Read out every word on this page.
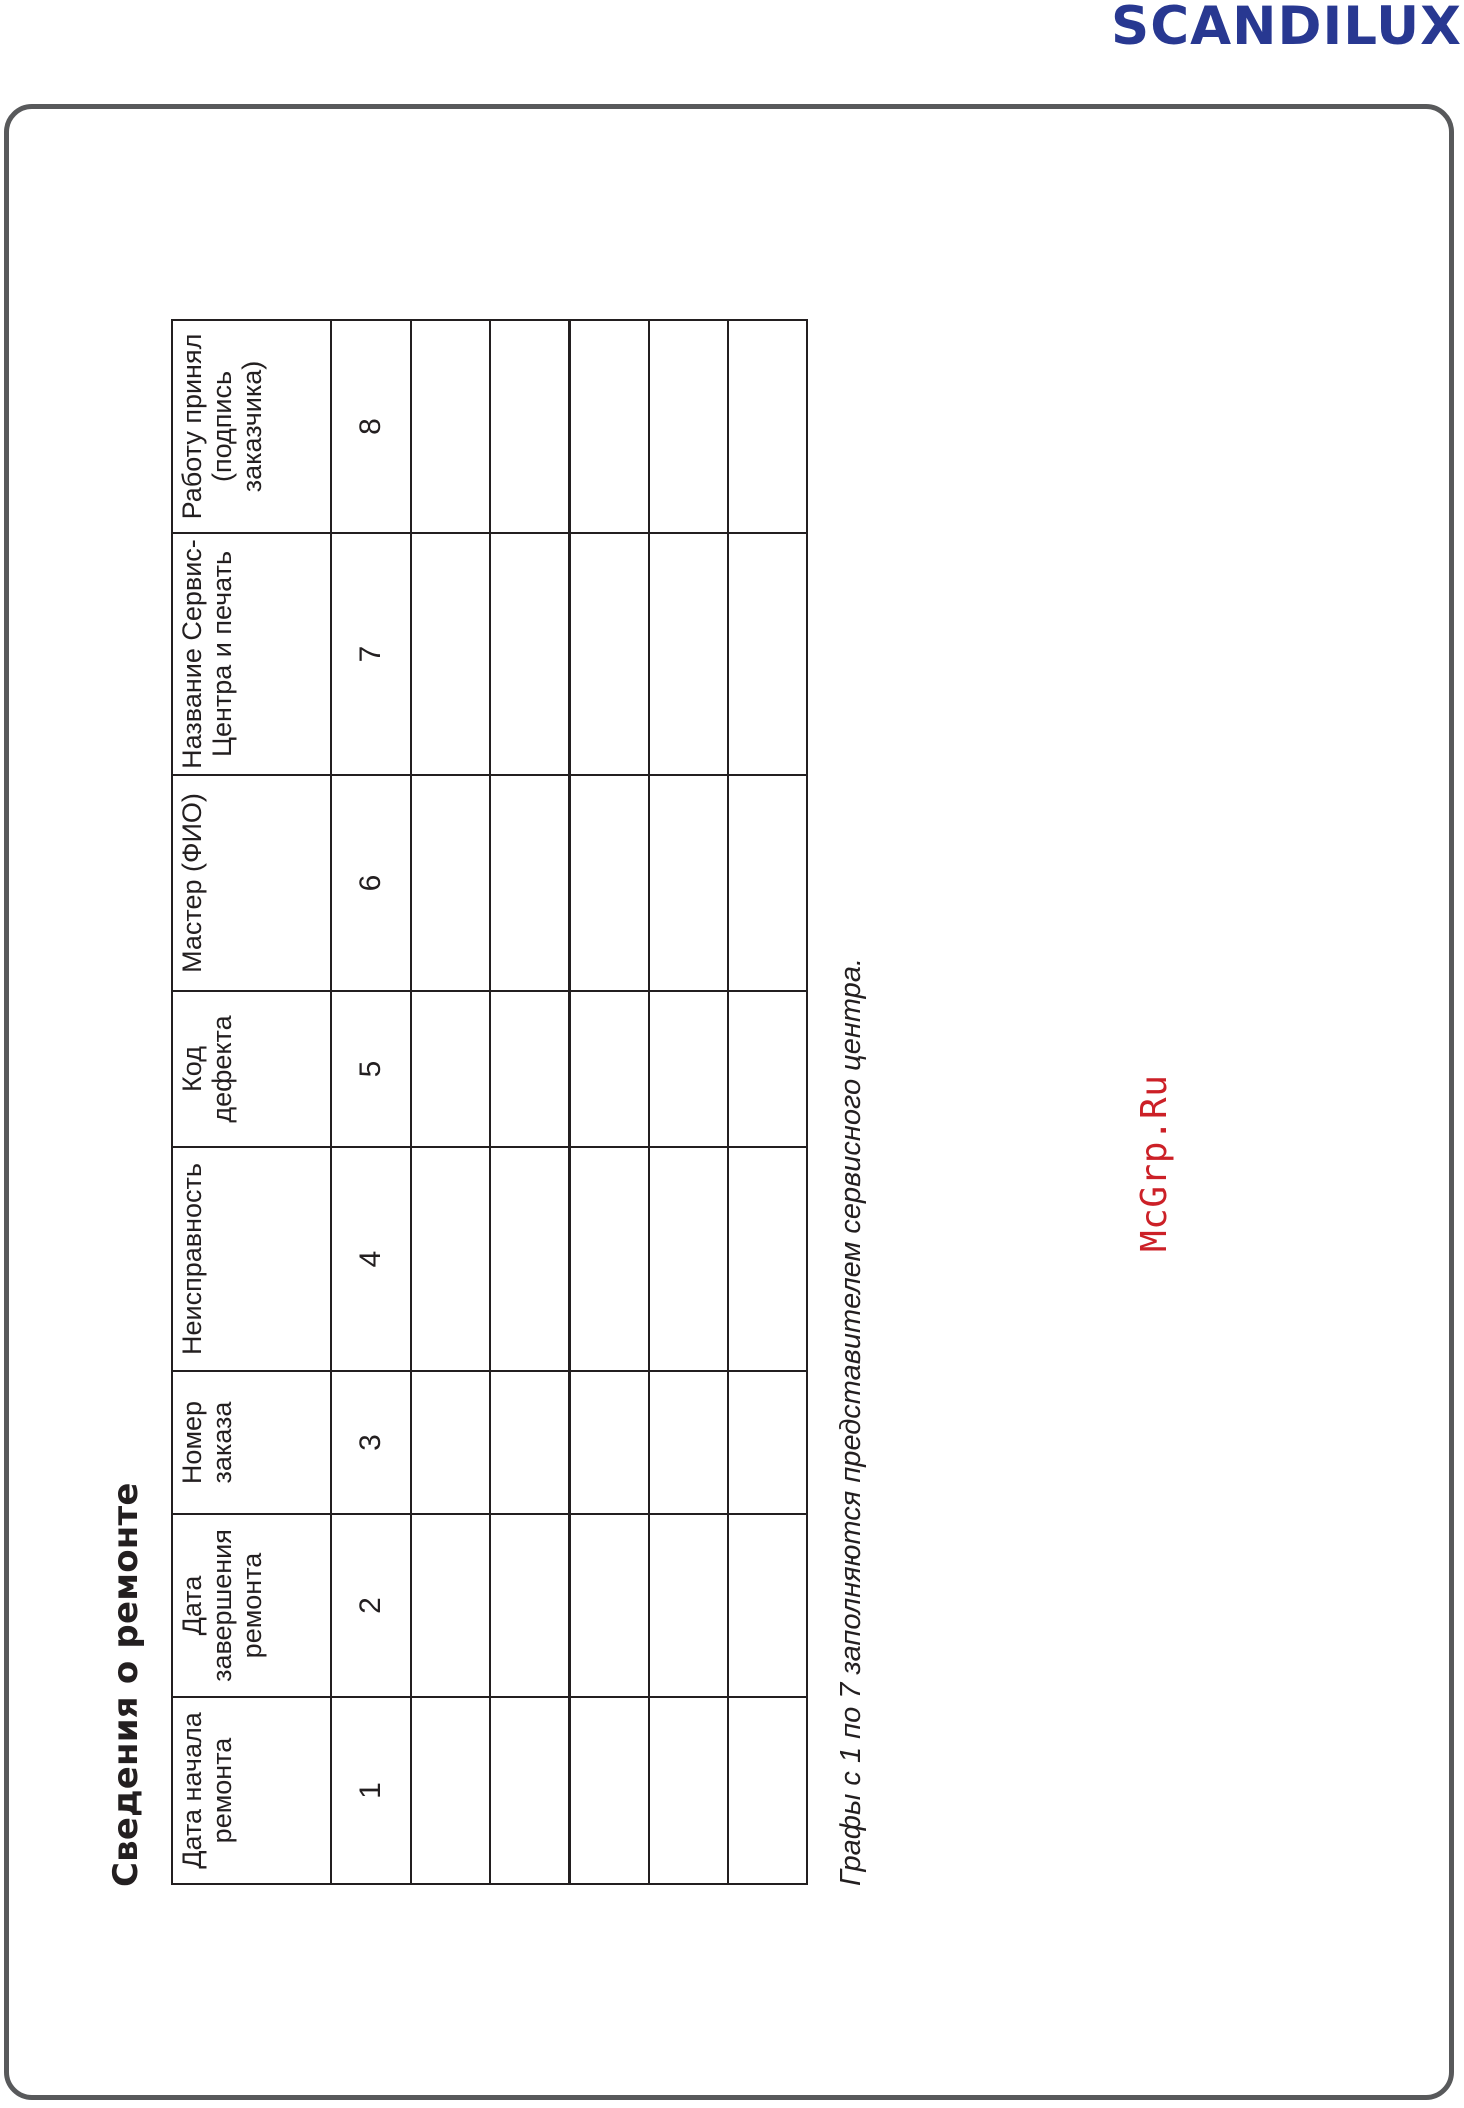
SCANDILUX
Сведения о ремонте Дата начала ремонта	Дата завершения ремонта	Номер заказа	Неисправность	Код дефекта	Мастер (ФИО)	Название Сервис-Центра и печать	Работу принял (подпись заказчика)
1	2	3	4	5	6	7	8

Графы с 1 по 7 заполняются представителем сервисного центра.	McGrp.Ru
